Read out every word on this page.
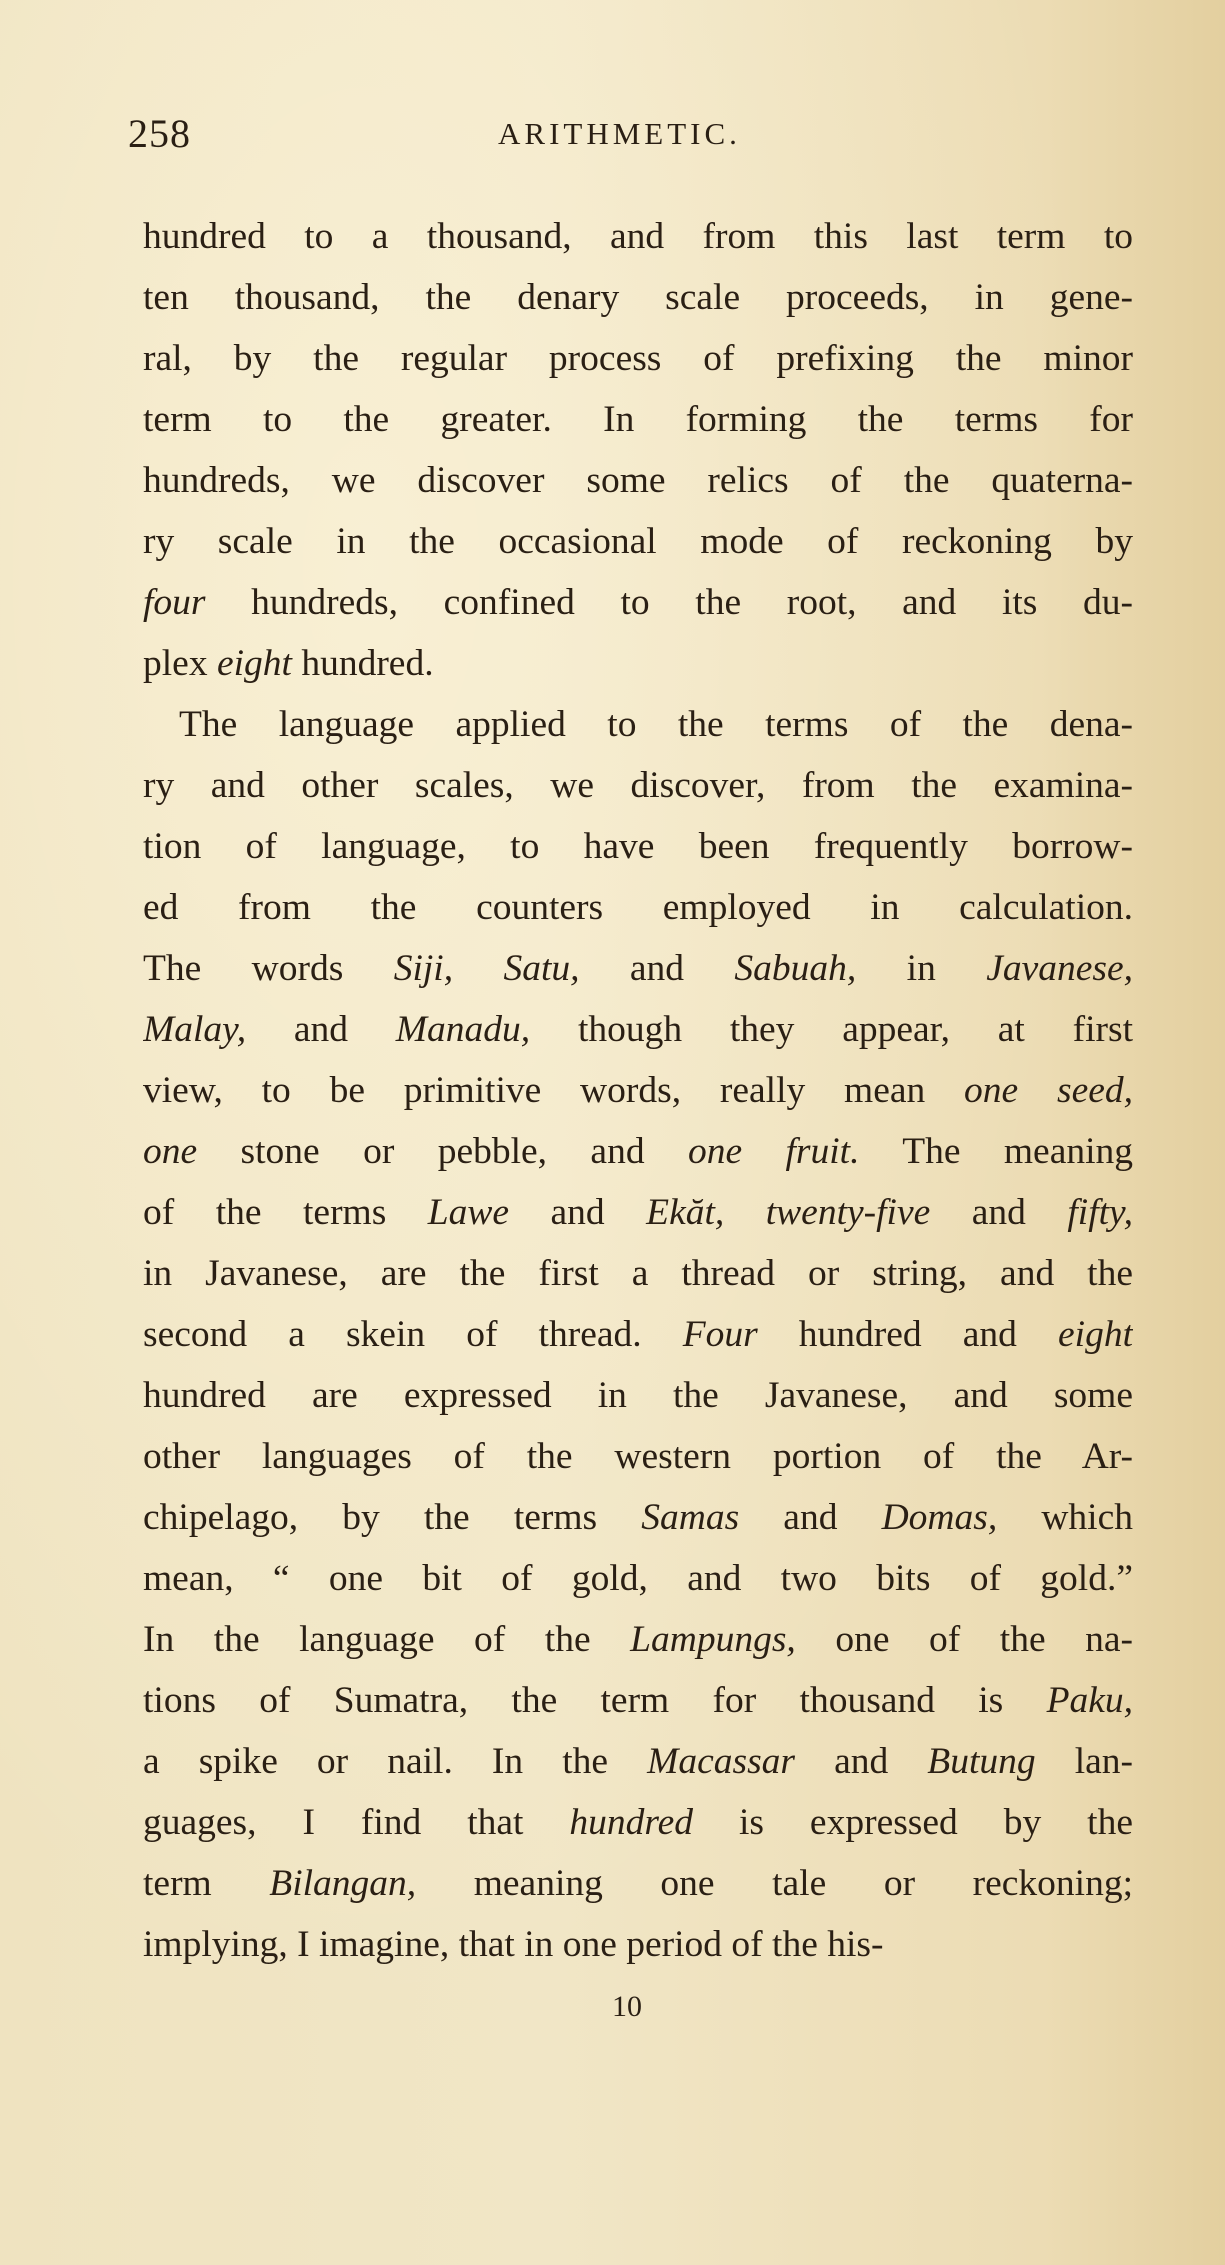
258	ARITHMETIC.
hundred to a thousand, and from this last term to
ten thousand, the denary scale proceeds, in gene-
ral, by the regular process of prefixing the minor
term to the greater. In forming the terms for
hundreds, we discover some relics of the quaterna-
ry scale in the occasional mode of reckoning by
four hundreds, confined to the root, and its du-
plex eight hundred.
The language applied to the terms of the dena-
ry and other scales, we discover, from the examina-
tion of language, to have been frequently borrow-
ed from the counters employed in calculation.
The words Siji, Satu, and Sabuah, in Javanese,
Malay, and Manadu, though they appear, at first
view, to be primitive words, really mean one seed,
one stone or pebble, and one fruit. The meaning
of the terms Lawe and Ekăt, twenty-five and fifty,
in Javanese, are the first a thread or string, and the
second a skein of thread. Four hundred and eight
hundred are expressed in the Javanese, and some
other languages of the western portion of the Ar-
chipelago, by the terms Samas and Domas, which
mean, “ one bit of gold, and two bits of gold.”
In the language of the Lampungs, one of the na-
tions of Sumatra, the term for thousand is Paku,
a spike or nail. In the Macassar and Butung lan-
guages, I find that hundred is expressed by the
term Bilangan, meaning one tale or reckoning;
implying, I imagine, that in one period of the his-
10
